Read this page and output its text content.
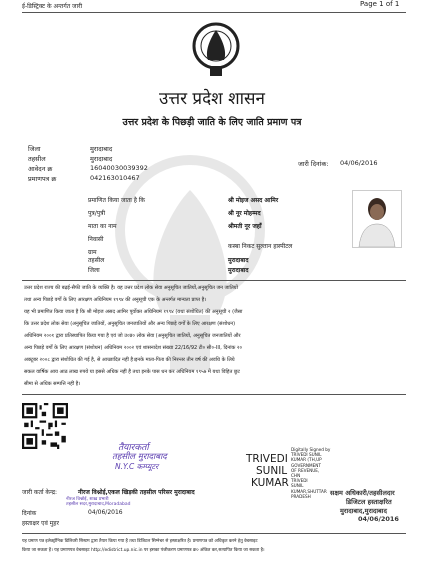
ई-डिस्ट्रिक्ट के अन्तर्गत जारी	Page 1 of 1
उत्तर प्रदेश शासन
उत्तर प्रदेश के पिछड़ी जाति के लिए जाति प्रमाण पत्र
जिला	मुरादाबाद
तहसील	मुरादाबाद
आवेदन क्र	16040030039392
प्रमाणपत्र क्र	042163010467
जारी दिनांक: 04/06/2016
प्रमाणित किया जाता है कि	श्री मोइज असद आमिर
पुत्र/पुत्री	श्री नूर मोहम्मद
माता का नाम	श्रीमती नूर जहाँ
निवासी
ग्राम
कस्बा निकट सुल्तान हास्पीटल
तहसील	मुरादाबाद
जिला	मुरादाबाद
उत्तर प्रदेश राज्य की बढ़ई-सैफी जाति के व्यक्ति है। यह उत्तर प्रदेश लोक सेवा अनुसूचित जातियों,अनुसूचित जन जातियों
तथा अन्य पिछड़े वर्गों के लिए आरक्षण अधिनियम १९९४ की अनुसूची एक के अन्तर्गत मान्यता प्राप्त है।
यह भी प्रमाणित किया जाता है कि श्री मोइज असद आमिर पूर्वोक्त अधिनियम १९९४ (यथा संशोधित) की अनुसूची २ (जैसा
कि उत्तर प्रदेश लोक सेवा (अनुसूचित जातियों, अनुसूचित जनजातियों और अन्य पिछड़े वर्गों के लिए आरक्षण (संशोधन)
अधिनियम २००१ द्वारा प्रतिस्थापित किया गया है एवं जो उ०प्र० लोक सेवा (अनुसूचित जातियों, अनुसूचित जनजातियों और
अन्य पिछड़े वर्गों के लिए आरक्षण (संशोधन) अधिनियम २००२ एवं शासनादेश संख्या 22/16/92 टी० सी०-III, दिनांक २०
अक्टूबर २००८ द्वारा संशोधित की गई है, से आच्छादित नहीं है।इनके माता-पिता की निरन्तर तीन वर्ष की अवधि के लिये
सकल वार्षिक आय आठ लाख रुपये या इससे अधिक नहीं है तथा इनके पास धन कर अधिनियम १९५७ में यथा विहित छूट
सीमा से अधिक सम्पत्ति नहीं है।
तैयारकर्ता
तहसील मुरादाबाद
N.Y.C कम्प्यूटर
TRIVEDI
SUNIL
KUMAR
Digitally Signed by
TRIVEDI SUNIL
KUMAR (TH,UP
GOVERNMENT
OF REVENUE,
CHN
TRIVEDI
SUNIL
KUMAR,SHUTTAR
PRADESH
जारी कर्ता केन्द्र:	नीरज विश्नोई,एकल खिड़की तहसील परिसर मुरादाबाद
नीरज विश्नोई, शाख़ प्रभारी
तहसील सदर,मुरादाबाद,Moradabad
दिनांक	04/06/2016
हस्ताक्षर एवं मुहर
सक्षम अधिकारी/तहसीलदार
डिजिटल हस्ताक्षरित
मुरादाबाद,मुरादाबाद
04/06/2016
यह प्रमाण पत्र इलेक्ट्रॉनिक डिलिवरी सिस्टम द्वारा तैयार किया गया है तथा डिजिटल सिग्नेचर से हस्ताक्षरित है। प्रमाणपत्र को अधिकृत करने हेतु वेबसाइट
किया जा सकता है। यह प्रमाणपत्र वेबसाइट http://edistrict.up.nic.in पर इसका पंजीकरण प्रमाणपत्र क्र० अंकित कर,सत्यापित किया जा सकता है।
